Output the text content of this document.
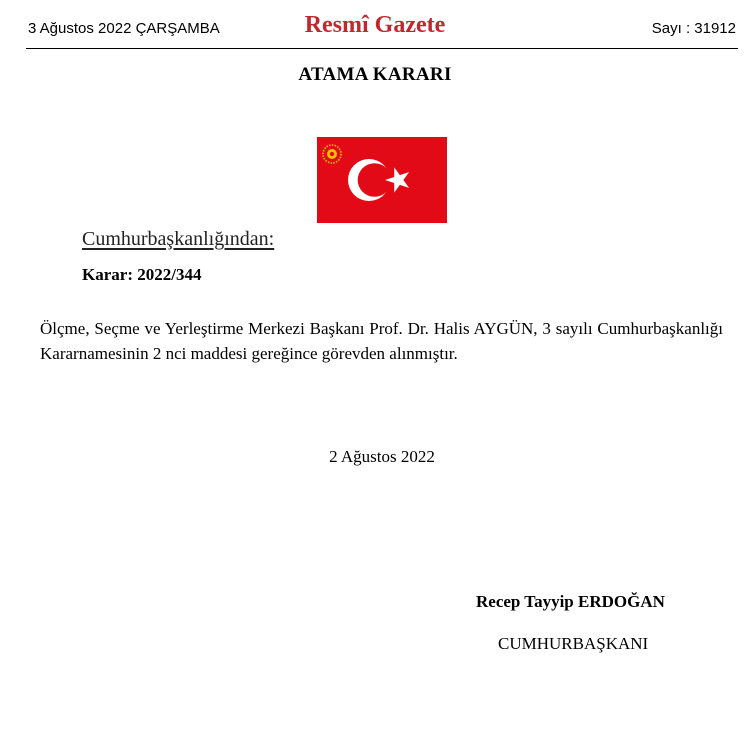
3 Ağustos 2022 ÇARŞAMBA	Resmî Gazete	Sayı : 31912
ATAMA KARARI
Cumhurbaşkanlığından:
Karar: 2022/344
Ölçme, Seçme ve Yerleştirme Merkezi Başkanı Prof. Dr. Halis AYGÜN, 3 sayılı Cumhurbaşkanlığı Kararnamesinin 2 nci maddesi gereğince görevden alınmıştır.
2 Ağustos 2022
Recep Tayyip ERDOĞAN
CUMHURBAŞKANI
